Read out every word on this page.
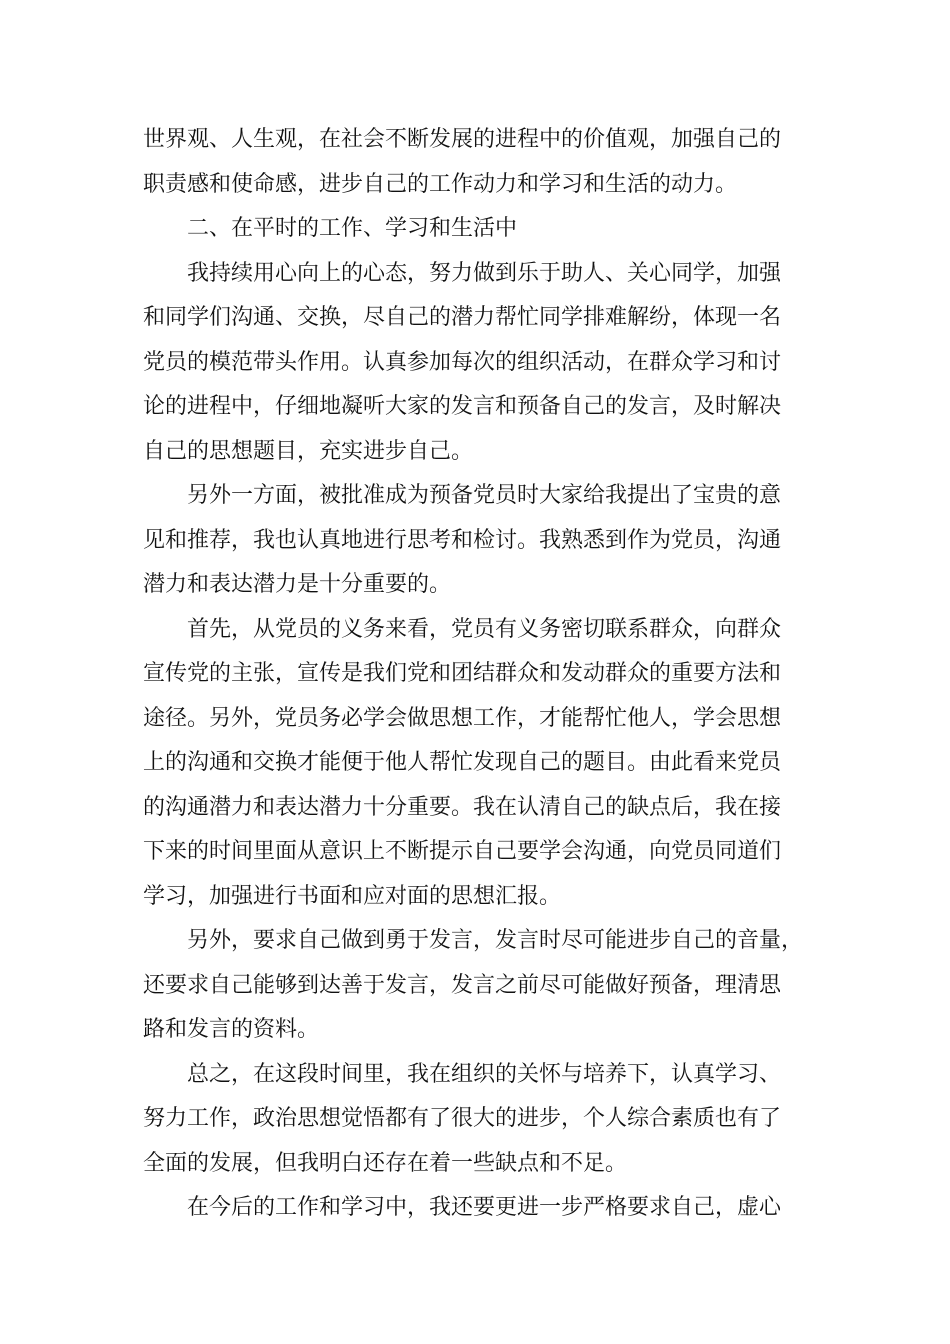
世界观、人生观，在社会不断发展的进程中的价值观，加强自己的
职责感和使命感，进步自己的工作动力和学习和生活的动力。
二、在平时的工作、学习和生活中
我持续用心向上的心态，努力做到乐于助人、关心同学，加强
和同学们沟通、交换，尽自己的潜力帮忙同学排难解纷，体现一名
党员的模范带头作用。认真参加每次的组织活动，在群众学习和讨
论的进程中，仔细地凝听大家的发言和预备自己的发言，及时解决
自己的思想题目，充实进步自己。
另外一方面，被批准成为预备党员时大家给我提出了宝贵的意
见和推荐，我也认真地进行思考和检讨。我熟悉到作为党员，沟通
潜力和表达潜力是十分重要的。
首先，从党员的义务来看，党员有义务密切联系群众，向群众
宣传党的主张，宣传是我们党和团结群众和发动群众的重要方法和
途径。另外，党员务必学会做思想工作，才能帮忙他人，学会思想
上的沟通和交换才能便于他人帮忙发现自己的题目。由此看来党员
的沟通潜力和表达潜力十分重要。我在认清自己的缺点后，我在接
下来的时间里面从意识上不断提示自己要学会沟通，向党员同道们
学习，加强进行书面和应对面的思想汇报。
另外，要求自己做到勇于发言，发言时尽可能进步自己的音量，
还要求自己能够到达善于发言，发言之前尽可能做好预备，理清思
路和发言的资料。
总之，在这段时间里，我在组织的关怀与培养下，认真学习、
努力工作，政治思想觉悟都有了很大的进步，个人综合素质也有了
全面的发展，但我明白还存在着一些缺点和不足。
在今后的工作和学习中，我还要更进一步严格要求自己，虚心
